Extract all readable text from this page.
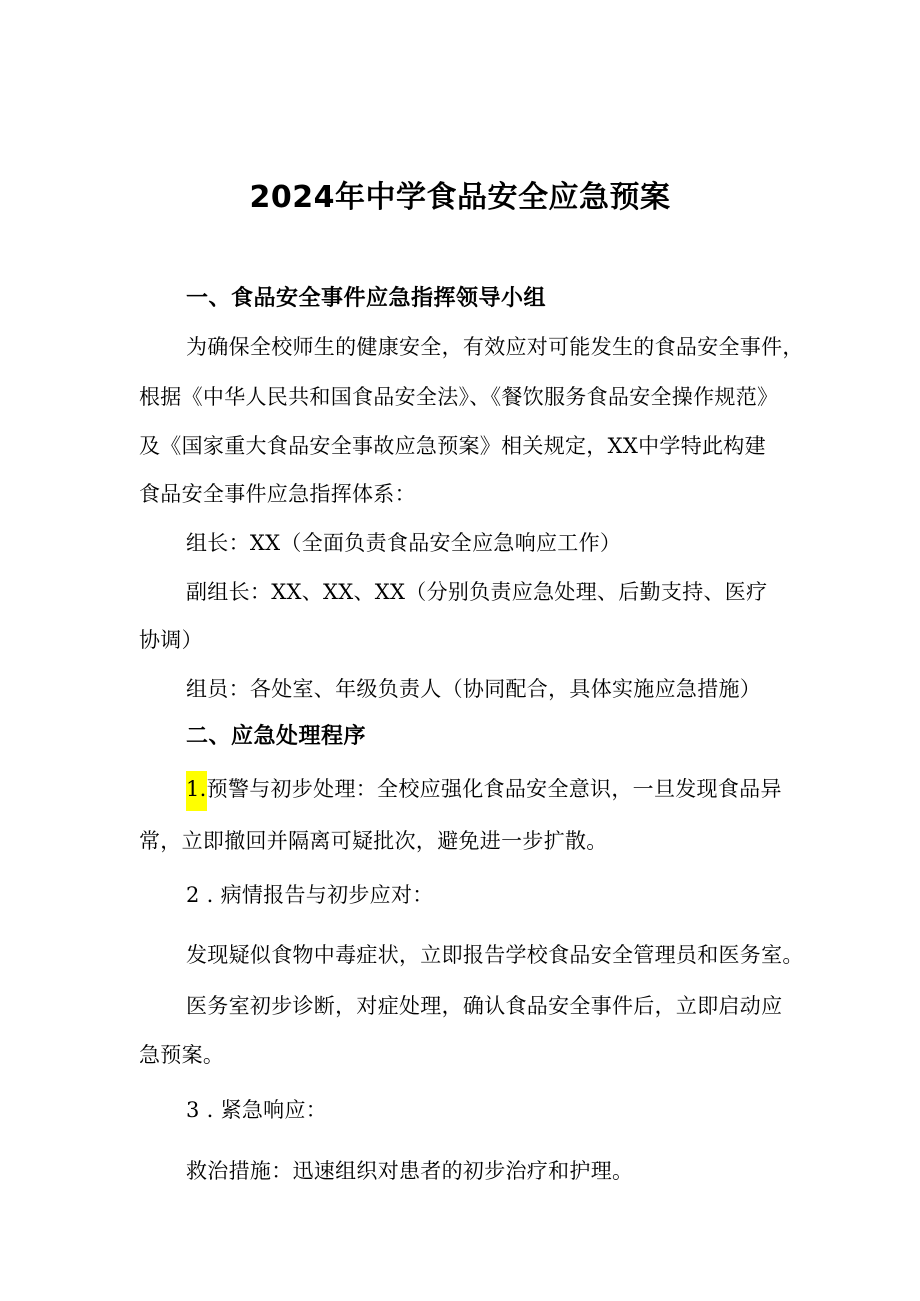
2024年中学食品安全应急预案
一、食品安全事件应急指挥领导小组
为确保全校师生的健康安全，有效应对可能发生的食品安全事件，
根据《中华人民共和国食品安全法》、《餐饮服务食品安全操作规范》
及《国家重大食品安全事故应急预案》相关规定，XX中学特此构建
食品安全事件应急指挥体系：
组长：XX（全面负责食品安全应急响应工作）
副组长：XX、XX、XX（分别负责应急处理、后勤支持、医疗
协调）
组员：各处室、年级负责人（协同配合，具体实施应急措施）
二、应急处理程序
1.预警与初步处理：全校应强化食品安全意识，一旦发现食品异
常，立即撤回并隔离可疑批次，避免进一步扩散。
2 . 病情报告与初步应对：
发现疑似食物中毒症状，立即报告学校食品安全管理员和医务室。
医务室初步诊断，对症处理，确认食品安全事件后，立即启动应
急预案。
3 . 紧急响应：
救治措施：迅速组织对患者的初步治疗和护理。
